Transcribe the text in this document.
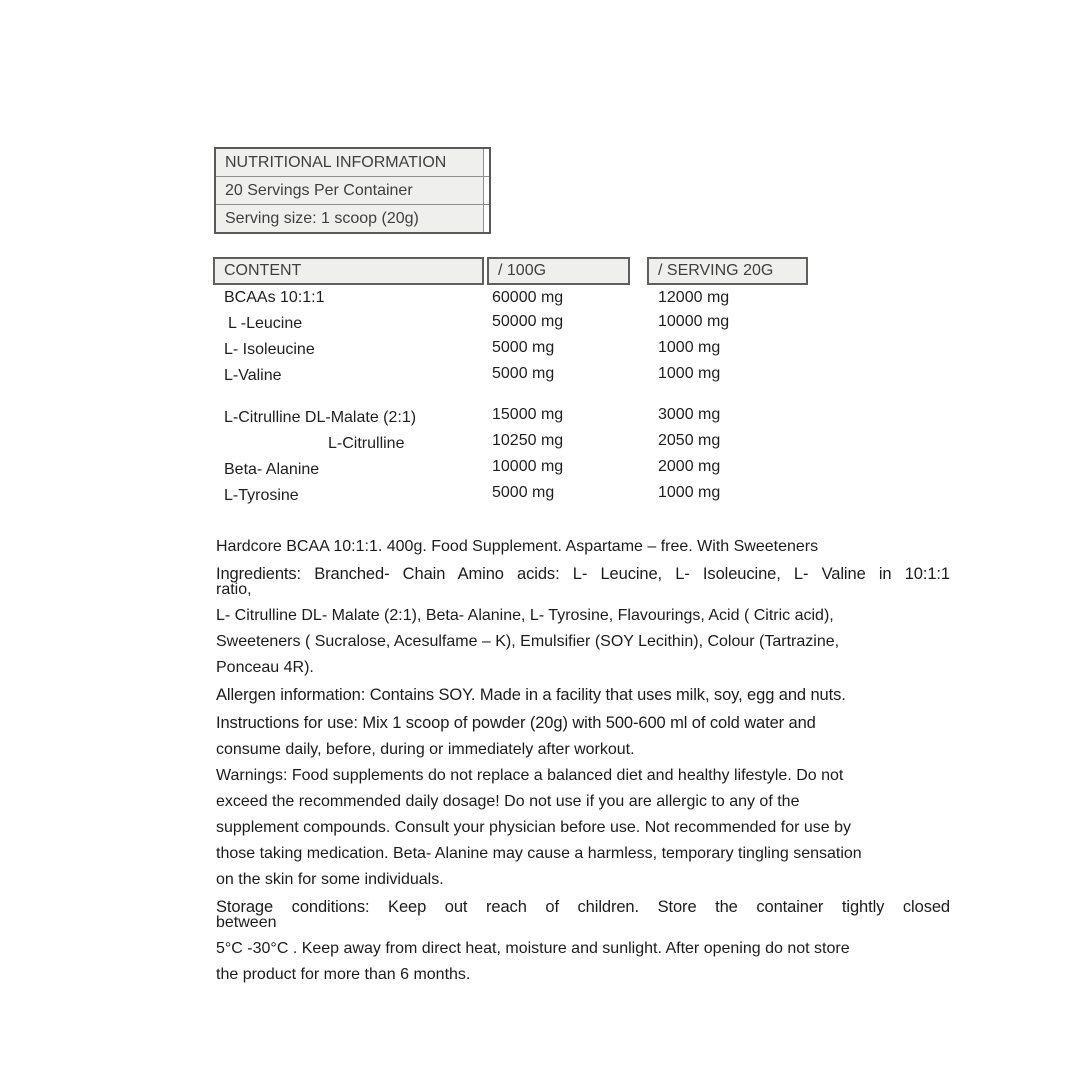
NUTRITIONAL INFORMATION
20 Servings Per Container
Serving size: 1 scoop (20g)
CONTENT	/ 100G	/ SERVING 20G
BCAAs 10:1:1	60000 mg	12000 mg
L -Leucine	50000 mg	10000 mg
L- Isoleucine	5000 mg	1000 mg
L-Valine	5000 mg	1000 mg
L-Citrulline DL-Malate (2:1)	15000 mg	3000 mg
L-Citrulline	10250 mg	2050 mg
Beta- Alanine	10000 mg	2000 mg
L-Tyrosine	5000 mg	1000 mg
Hardcore BCAA 10:1:1. 400g. Food Supplement. Aspartame – free. With Sweeteners
Ingredients: Branched- Chain Amino acids: L- Leucine, L- Isoleucine, L- Valine in 10:1:1
ratio,
L- Citrulline DL- Malate (2:1), Beta- Alanine, L- Tyrosine, Flavourings, Acid ( Citric acid),
Sweeteners ( Sucralose, Acesulfame – K), Emulsifier (SOY Lecithin), Colour (Tartrazine,
Ponceau 4R).
Allergen information: Contains SOY. Made in a facility that uses milk, soy, egg and nuts.
Instructions for use: Mix 1 scoop of powder (20g) with 500-600 ml of cold water and
consume daily, before, during or immediately after workout.
Warnings: Food supplements do not replace a balanced diet and healthy lifestyle. Do not
exceed the recommended daily dosage! Do not use if you are allergic to any of the
supplement compounds. Consult your physician before use. Not recommended for use by
those taking medication. Beta- Alanine may cause a harmless, temporary tingling sensation
on the skin for some individuals.
Storage conditions: Keep out reach of children. Store the container tightly closed
between
5°C -30°C . Keep away from direct heat, moisture and sunlight. After opening do not store
the product for more than 6 months.
